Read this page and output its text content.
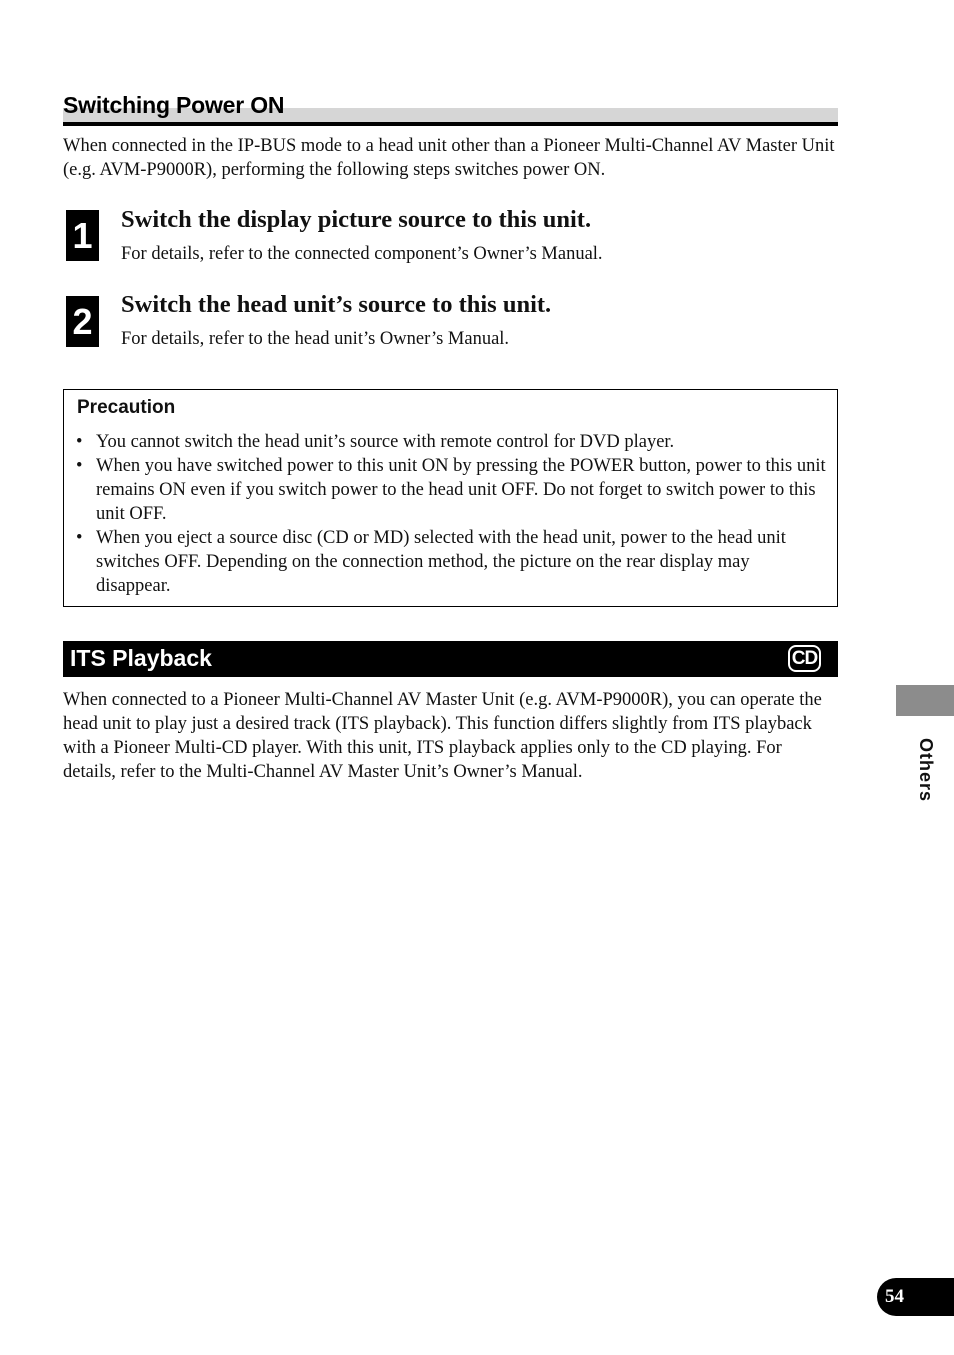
Switching Power ON
When connected in the IP-BUS mode to a head unit other than a Pioneer Multi-Channel AV Master Unit (e.g. AVM-P9000R), performing the following steps switches power ON.
1 Switch the display picture source to this unit.
For details, refer to the connected component’s Owner’s Manual.
2 Switch the head unit’s source to this unit.
For details, refer to the head unit’s Owner’s Manual.
Precaution
• You cannot switch the head unit’s source with remote control for DVD player.
• When you have switched power to this unit ON by pressing the POWER button, power to this unit remains ON even if you switch power to the head unit OFF. Do not forget to switch power to this unit OFF.
• When you eject a source disc (CD or MD) selected with the head unit, power to the head unit switches OFF. Depending on the connection method, the picture on the rear display may disappear.
ITS Playback	CD
When connected to a Pioneer Multi-Channel AV Master Unit (e.g. AVM-P9000R), you can operate the head unit to play just a desired track (ITS playback). This function differs slightly from ITS playback with a Pioneer Multi-CD player. With this unit, ITS playback applies only to the CD playing. For details, refer to the Multi-Channel AV Master Unit’s Owner’s Manual.	Others
54
